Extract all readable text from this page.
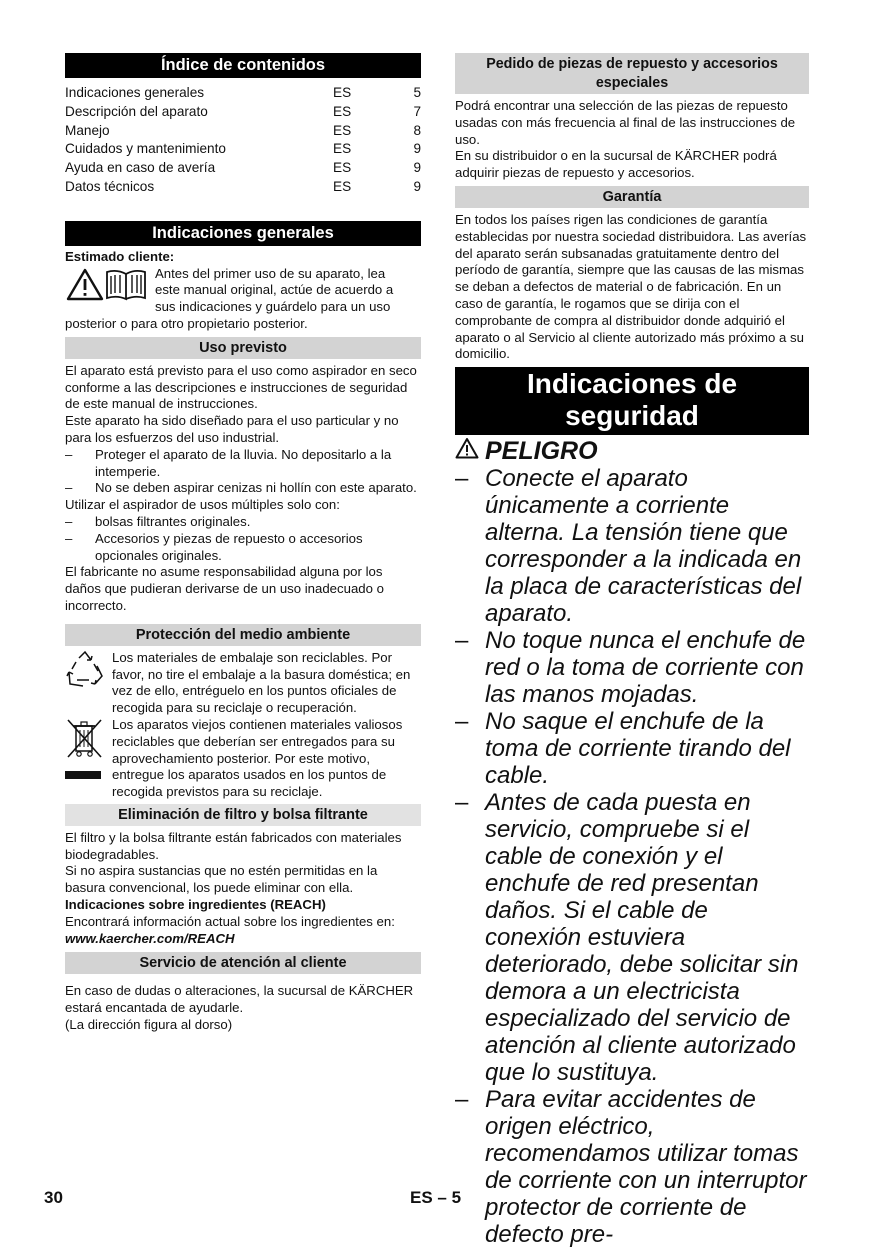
Índice de contenidos
Indicaciones generales	ES	5
Descripción del aparato	ES	7
Manejo	ES	8
Cuidados y mantenimiento	ES	9
Ayuda en caso de avería	ES	9
Datos técnicos	ES	9
Indicaciones generales
Estimado cliente:
Antes del primer uso de su aparato, lea
este manual original, actúe de acuerdo a
sus indicaciones y guárdelo para un uso
posterior o para otro propietario posterior.
Uso previsto
El aparato está previsto para el uso como aspirador en seco conforme a las descripciones e instrucciones de seguridad de este manual de instrucciones.
Este aparato ha sido diseñado para el uso particular y no para los esfuerzos del uso industrial.
–	Proteger el aparato de la lluvia. No depositarlo a la intemperie.
–	No se deben aspirar cenizas ni hollín con este aparato.
Utilizar el aspirador de usos múltiples solo con:
–	bolsas filtrantes originales.
–	Accesorios y piezas de repuesto o accesorios opcionales originales.
El fabricante no asume responsabilidad alguna por los daños que pudieran derivarse de un uso inadecuado o incorrecto.
Protección del medio ambiente
Los materiales de embalaje son reciclables. Por favor, no tire el embalaje a la basura doméstica; en vez de ello, entréguelo en los puntos oficiales de recogida para su reciclaje o recuperación.
Los aparatos viejos contienen materiales valiosos reciclables que deberían ser entregados para su aprovechamiento posterior. Por este motivo, entregue los aparatos usados en los puntos de recogida previstos para su reciclaje.
Eliminación de filtro y bolsa filtrante
El filtro y la bolsa filtrante están fabricados con materiales biodegradables.
Si no aspira sustancias que no estén permitidas en la basura convencional, los puede eliminar con ella.
Indicaciones sobre ingredientes (REACH)
Encontrará información actual sobre los ingredientes en:
www.kaercher.com/REACH
Servicio de atención al cliente
En caso de dudas o alteraciones, la sucursal de KÄRCHER estará encantada de ayudarle.
(La dirección figura al dorso)
Pedido de piezas de repuesto y accesorios especiales
Podrá encontrar una selección de las piezas de repuesto usadas con más frecuencia al final de las instrucciones de uso.
En su distribuidor o en la sucursal de KÄRCHER podrá adquirir piezas de repuesto y accesorios.
Garantía
En todos los países rigen las condiciones de garantía establecidas por nuestra sociedad distribuidora. Las averías del aparato serán subsanadas gratuitamente dentro del período de garantía, siempre que las causas de las mismas se deban a defectos de material o de fabricación. En un caso de garantía, le rogamos que se dirija con el comprobante de compra al distribuidor donde adquirió el aparato o al Servicio al cliente autorizado más próximo a su domicilio.
Indicaciones de
seguridad
PELIGRO
– Conecte el aparato únicamente a corriente alterna. La tensión tiene que corresponder a la indicada en la placa de características del aparato.
– No toque nunca el enchufe de red o la toma de corriente con las manos mojadas.
– No saque el enchufe de la toma de corriente tirando del cable.
– Antes de cada puesta en servicio, compruebe si el cable de conexión y el enchufe de red presentan daños. Si el cable de conexión estuviera deteriorado, debe solicitar sin demora a un electricista especializado del servicio de atención al cliente autorizado que lo sustituya.
– Para evitar accidentes de origen eléctrico, recomendamos utilizar tomas de corriente con un interruptor protector de corriente de defecto pre-
30	ES – 5
